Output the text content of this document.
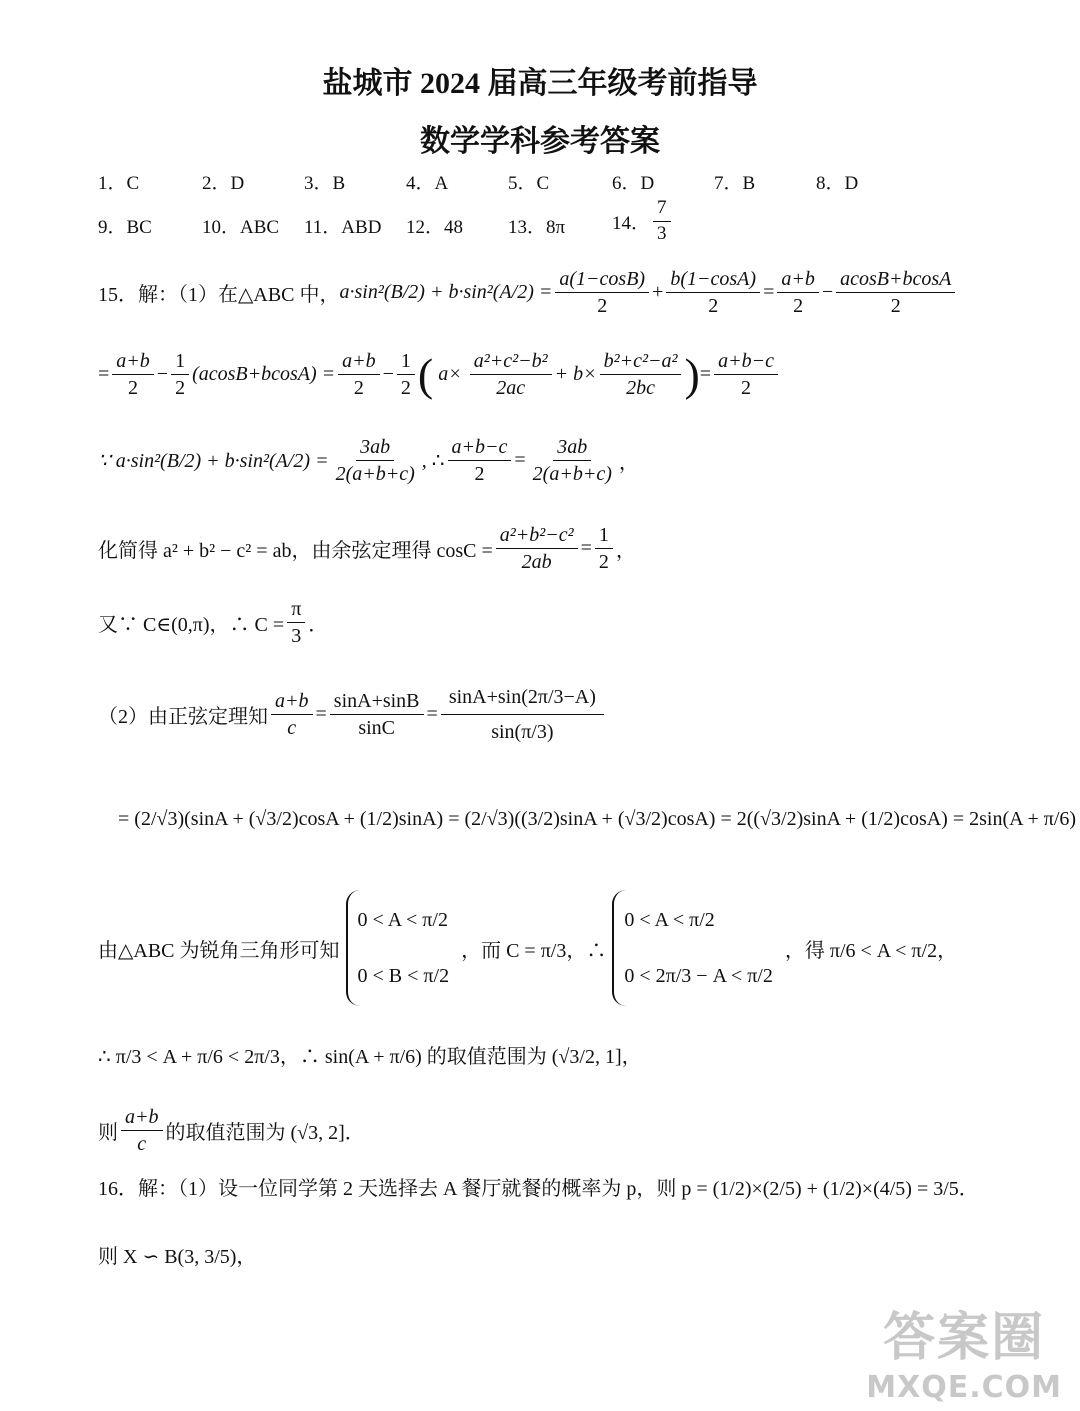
盐城市 2024 届高三年级考前指导
数学学科参考答案
1．C	2．D	3．B	4．A	5．C	6．D	7．B	8．D
9．BC	10．ABC 11．ABD 12．48 13．8π 14． $\frac{7}{3}$
15．解：（1）在△ABC 中， $a\cdot\sin^2(B/2) + b\cdot\sin^2(A/2) = \frac{a(1-\cos B)}{2} + \frac{b(1-\cos A)}{2} = \frac{a+b}{2} - \frac{acosB+bcosA}{2}$
= $\frac{a+b}{2} - \frac{1}{2} (acosB+bcosA) = \frac{a+b}{2} - \frac{1}{2}$ ( $a\times \frac{\text{a²+c²−b²}}{2ac} + b\times \frac{\text{b²+c²−a²}}{2bc}$ ) = $\frac{a+b-c}{2}$
∵ $a\cdot\sin^2(B/2) + b\cdot\sin^2(A/2) = \frac{3ab}{2(a+b+c)}$ , ∴ $\frac{a+b-c}{2} = \frac{3ab}{2(a+b+c)}$ ，
化简得 a² + b² − c² = ab，由余弦定理得 $\cos C = \frac{\text{a²+b²−c²}}{2ab} = \frac{1}{2}$ ，
又∵ C∈(0,π)，∴ $C = \frac{\pi}{3}$ ．
（2）由正弦定理知 $\frac{a+b}{c} = \frac{\sin A+\sin B}{\sin C} = \frac{\sin A+\sin(2\pi/3-A)}{\sin(\pi/3)}$
= (2/√3)(sinA + (√3/2)cosA + (1/2)sinA) = (2/√3)((3/2)sinA + (√3/2)cosA) = 2((√3/2)sinA + (1/2)cosA) = 2sin(A + π/6)
由△ABC 为锐角三角形可知
0 < A < π/2
0 < B < π/2
，而 C = π/3，∴
0 < A < π/2
0 < 2π/3 − A < π/2
，得 π/6 < A < π/2，
∴ π/3 < A + π/6 < 2π/3，∴ sin(A + π/6) 的取值范围为 (√3/2, 1]，
则 $\frac{a+b}{c}$ 的取值范围为 (√3, 2]．
16．解：（1）设一位同学第 2 天选择去 A 餐厅就餐的概率为 p，则 p = (1/2)×(2/5) + (1/2)×(4/5) = 3/5．
则 X ∽ B(3, 3/5)，
答案圈
MXQE.COM
